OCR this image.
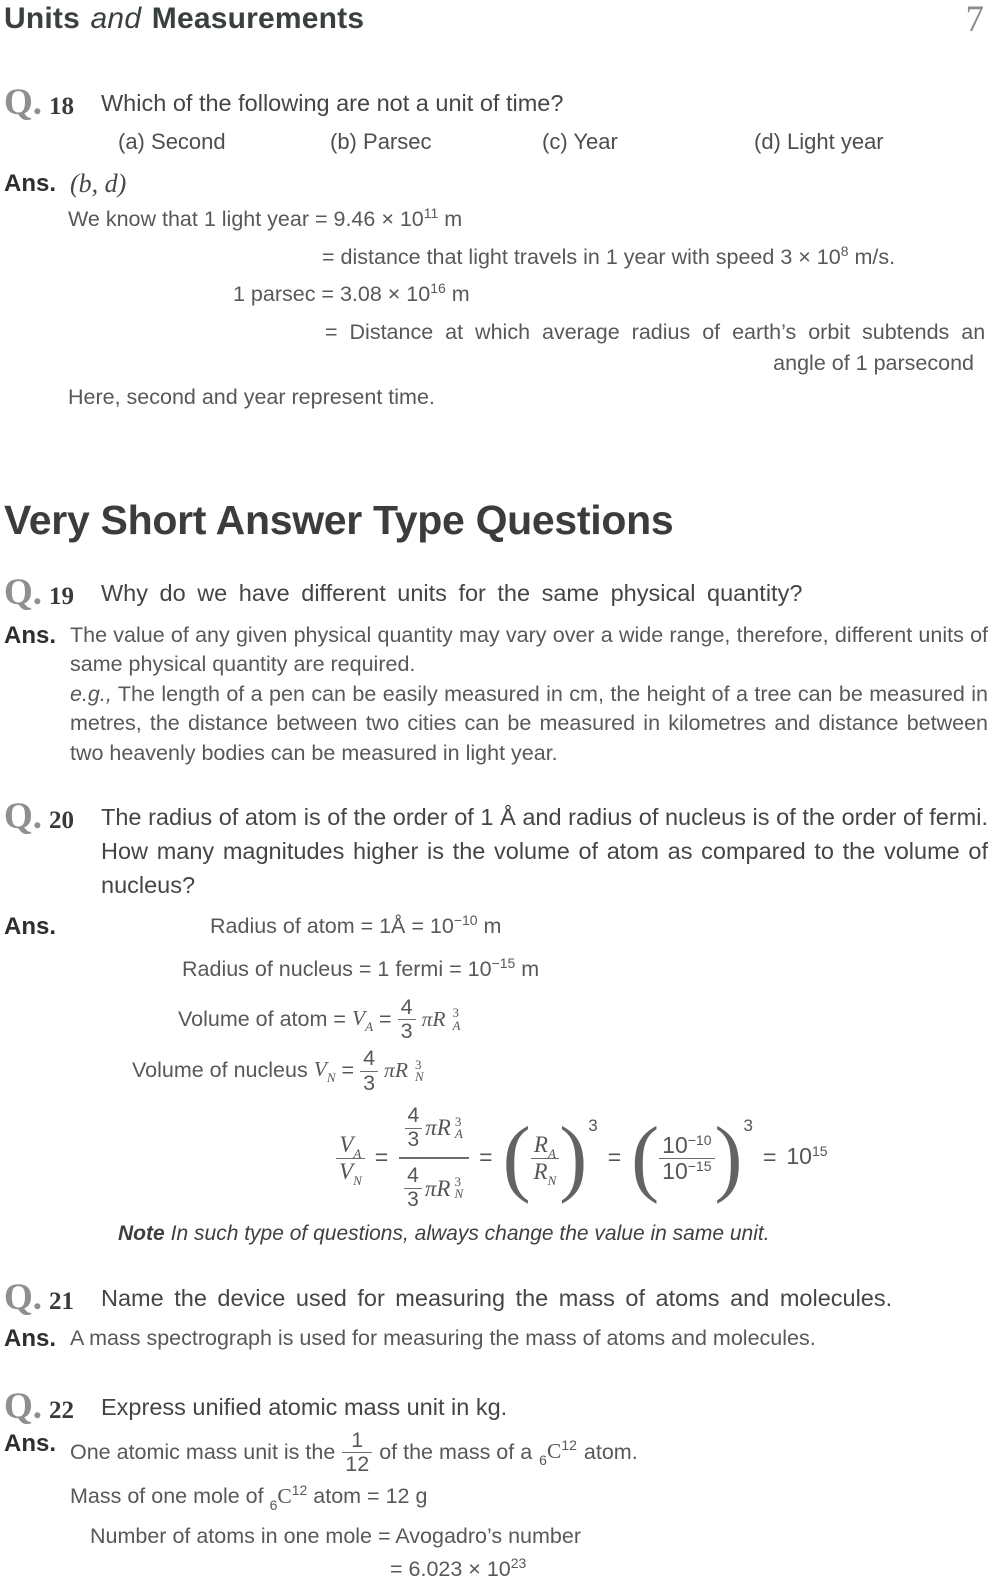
Units and Measurements	7
Q. 18	Which of the following are not a unit of time?
(a) Second	(b) Parsec	(c) Year	(d) Light year
Ans. (b, d)
We know that 1 light year = $9.46 \times 10^{11}$ m
= distance that light travels in 1 year with speed $3 \times 10^8$ m/s.
1 $parsec = 3.08 \times 10^{16}$ m
= Distance at which average radius of earth’s orbit subtends an
angle of 1 parsecond
Here, second and year represent time.
Very Short Answer Type Questions
Q. 19	Why do we have different units for the same physical quantity?
Ans. The value of any given physical quantity may vary over a wide range, therefore, different units of same physical quantity are required.

e.g., The length of a pen can be easily measured in cm, the height of a tree can be measured in metres, the distance between two cities can be measured in kilometres and distance between two heavenly bodies can be measured in light year.

Q. 20	The radius of atom is of the order of 1 Å and radius of nucleus is of the order of fermi. How many magnitudes higher is the volume of atom as compared to the volume of nucleus?
Ans.	Radius of atom = 1Å = $10^{-10}$ m
Radius of nucleus = 1 fermi = $10^{-15}$ m
Volume of atom = $V_A = \frac{4}{3}$ πR 3
A
Volume of nucleus $V_N = \frac{4}{3}$ πR 3
N
$\frac{V_A}{V_N} = \frac{4}{3}$ πR 3
A
$\frac{4}{3}$ πR 3
N = ( $\frac{R_A}{R_N}$ ) 3
= ( $\frac{10^{-10}}{10^{-15}}$ ) 3
= $10^{15}$
Note In such type of questions, always change the value in same unit.
Q. 21	Name the device used for measuring the mass of atoms and molecules.
Ans. A mass spectrograph is used for measuring the mass of atoms and molecules.
Q. 22	Express unified atomic mass unit in kg.
Ans. One atomic mass unit is the $\frac{1}{12}$ of the mass of a $_6C^{12}$ atom.
Mass of one mole of $_6C^{12}$ atom = 12 g
Number of atoms in one mole = Avogadro’s number
= $6.023 \times 10^{23}$
